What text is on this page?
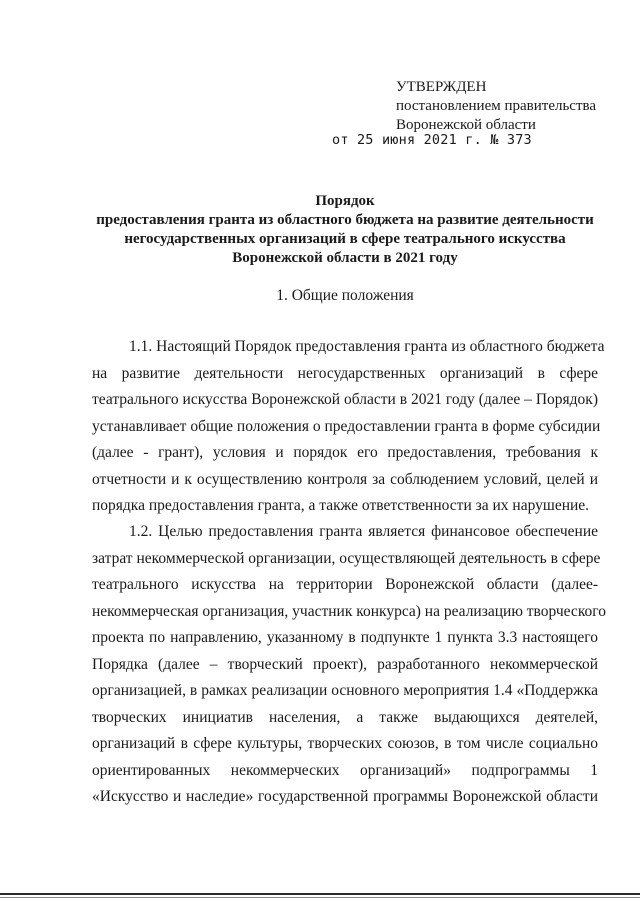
УТВЕРЖДЕН
постановлением правительства
Воронежской области
от 25 июня 2021 г. № 373
Порядок
предоставления гранта из областного бюджета на развитие деятельности
негосударственных организаций в сфере театрального искусства
Воронежской области в 2021 году
1. Общие положения
1.1. Настоящий Порядок предоставления гранта из областного бюджета
на развитие деятельности негосударственных организаций в сфере
театрального искусства Воронежской области в 2021 году (далее – Порядок)
устанавливает общие положения о предоставлении гранта в форме субсидии
(далее - грант), условия и порядок его предоставления, требования к
отчетности и к осуществлению контроля за соблюдением условий, целей и
порядка предоставления гранта, а также ответственности за их нарушение.
1.2. Целью предоставления гранта является финансовое обеспечение
затрат некоммерческой организации, осуществляющей деятельность в сфере
театрального искусства на территории Воронежской области (далее-
некоммерческая организация, участник конкурса) на реализацию творческого
проекта по направлению, указанному в подпункте 1 пункта 3.3 настоящего
Порядка (далее – творческий проект), разработанного некоммерческой
организацией, в рамках реализации основного мероприятия 1.4 «Поддержка
творческих инициатив населения, а также выдающихся деятелей,
организаций в сфере культуры, творческих союзов, в том числе социально
ориентированных некоммерческих организаций» подпрограммы 1
«Искусство и наследие» государственной программы Воронежской области
